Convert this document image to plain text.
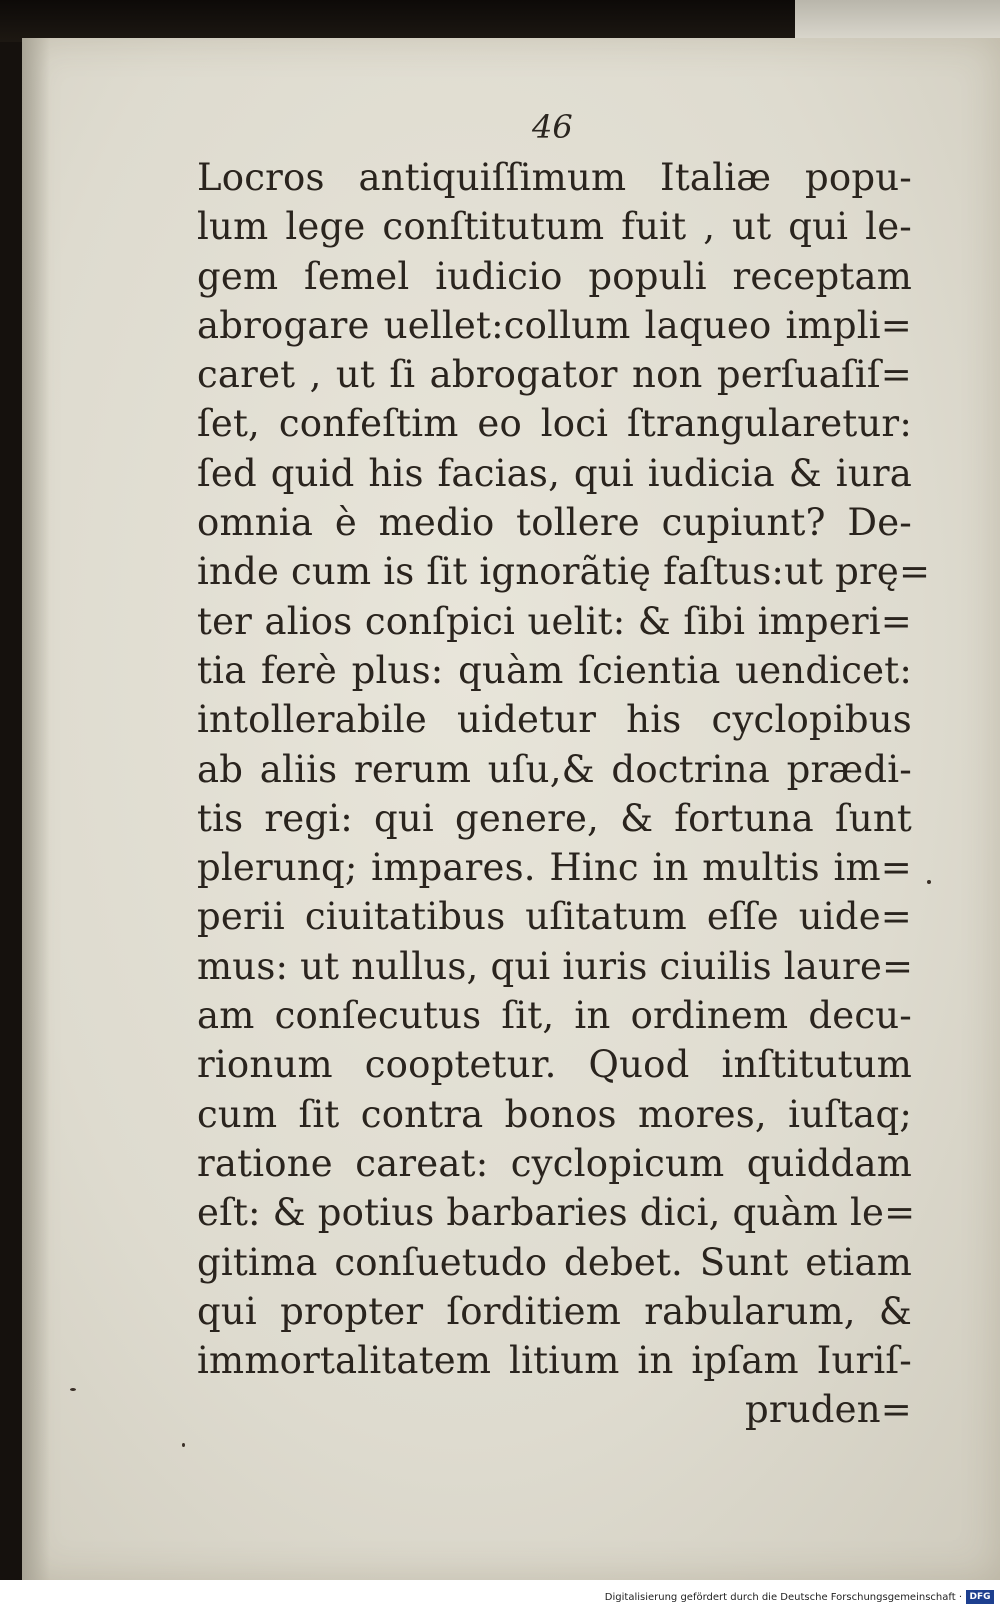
46
Locros antiquiſſimum Italiæ popu-
lum lege conſtitutum fuit , ut qui le-
gem ſemel iudicio populi receptam
abrogare uellet:collum laqueo impli=
caret , ut ſi abrogator non perſuaſiſ=
ſet, confeſtim eo loci ſtrangularetur:
ſed quid his facias, qui iudicia & iura
omnia è medio tollere cupiunt? De-
inde cum is ſit ignorãtię faſtus:ut prę=
ter alios conſpici uelit: & ſibi imperi=
tia ferè plus: quàm ſcientia uendicet:
intollerabile uidetur his cyclopibus
ab aliis rerum uſu,& doctrina prædi-
tis regi: qui genere, & fortuna ſunt
plerunq; impares. Hinc in multis im=
perii ciuitatibus uſitatum eſſe uide=
mus: ut nullus, qui iuris ciuilis laure=
am conſecutus ſit, in ordinem decu-
rionum cooptetur. Quod inſtitutum
cum ſit contra bonos mores, iuſtaq;
ratione careat: cyclopicum quiddam
eſt: & potius barbaries dici, quàm le=
gitima conſuetudo debet. Sunt etiam
qui propter ſorditiem rabularum, &
immortalitatem litium in ipſam Iuriſ-
pruden=
Digitalisierung gefördert durch die Deutsche Forschungsgemeinschaft · DFG
